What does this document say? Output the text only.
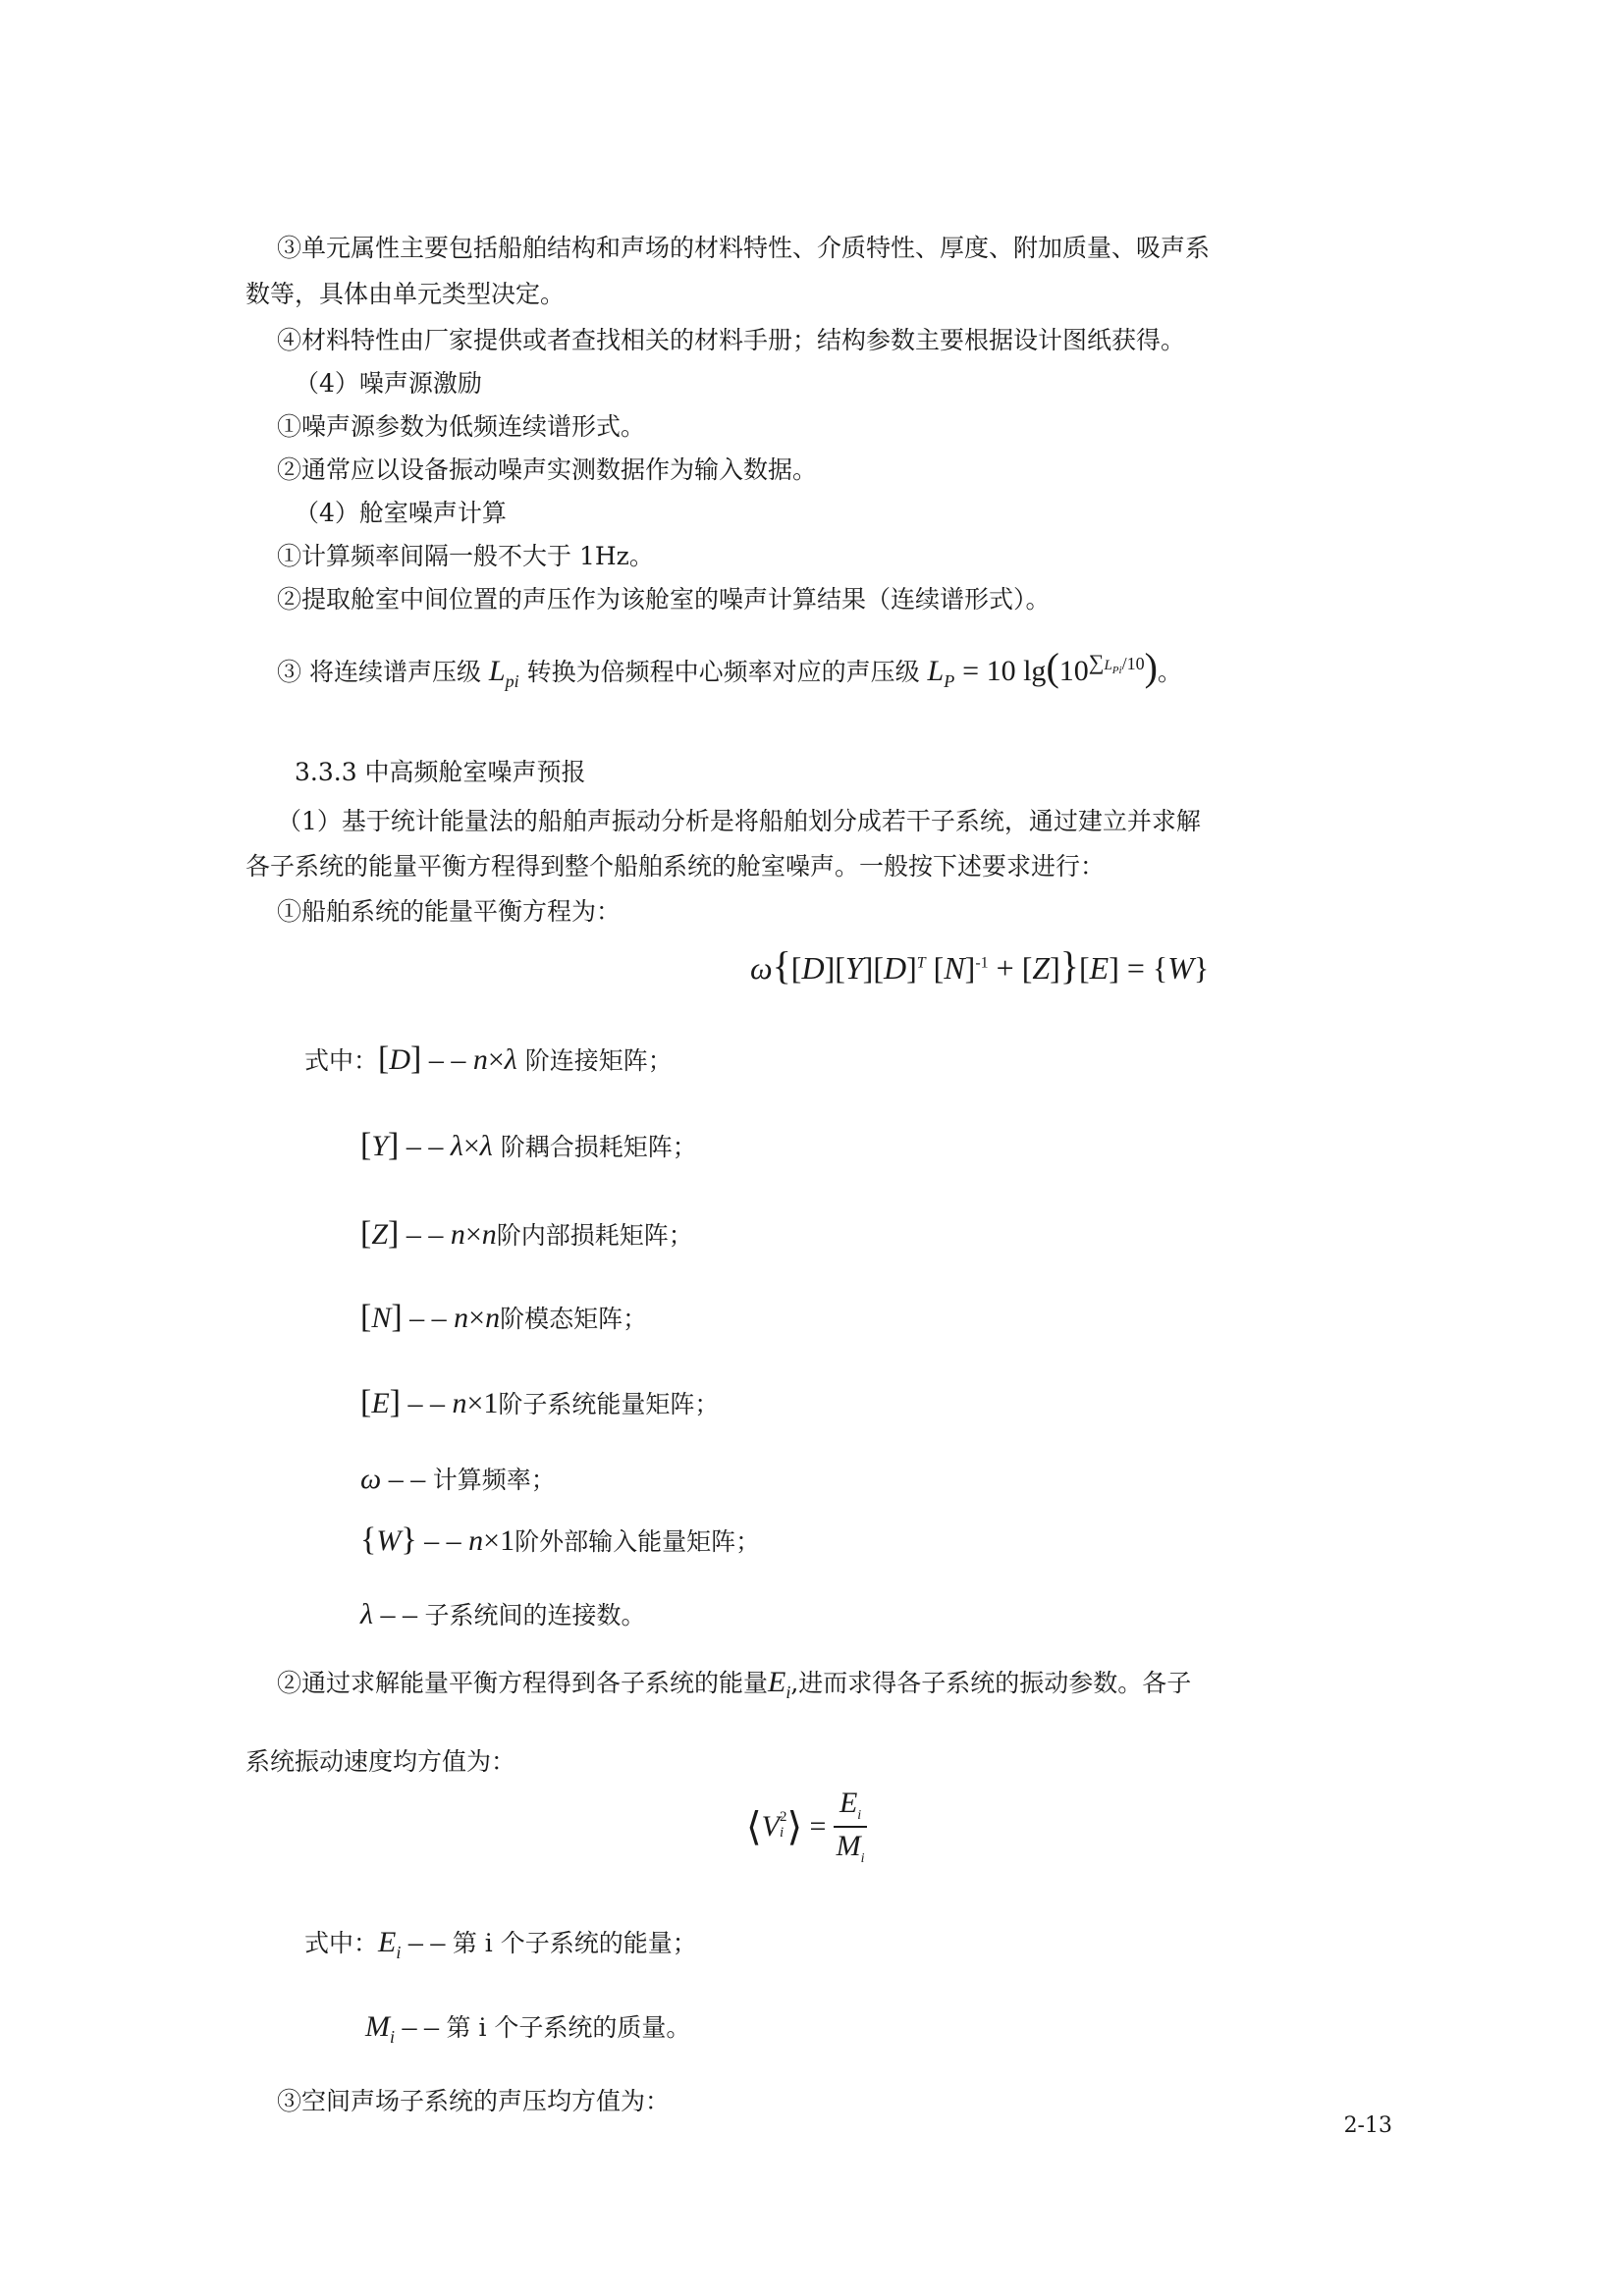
③单元属性主要包括船舶结构和声场的材料特性、介质特性、厚度、附加质量、吸声系
数等，具体由单元类型决定。
④材料特性由厂家提供或者查找相关的材料手册；结构参数主要根据设计图纸获得。
（4）噪声源激励
①噪声源参数为低频连续谱形式。
②通常应以设备振动噪声实测数据作为输入数据。
（4）舱室噪声计算
①计算频率间隔一般不大于 1Hz。
②提取舱室中间位置的声压作为该舱室的噪声计算结果（连续谱形式）。
③ 将连续谱声压级 $L_{pi}$ 转换为倍频程中心频率对应的声压级 $L_P = 10$ $\lg(10^{\sum L_{Pi}/10})$。
3.3.3 中高频舱室噪声预报
（1）基于统计能量法的船舶声振动分析是将船舶划分成若干子系统，通过建立并求解
各子系统的能量平衡方程得到整个船舶系统的舱室噪声。一般按下述要求进行：
①船舶系统的能量平衡方程为：
$\omega\{[D][Y][D]^T$ $[N]^{-1} + [Z]\}[E] = \{W\}$
式中：[D] – – n×λ 阶连接矩阵；
[Y] – – λ×λ 阶耦合损耗矩阵；
[Z] – – n×n阶内部损耗矩阵；
[N] – – n×n阶模态矩阵；
[E] – – n×1阶子系统能量矩阵；
ω – – 计算频率；
{W} – – n×1阶外部输入能量矩阵；
λ – – 子系统间的连接数。
②通过求解能量平衡方程得到各子系统的能量$E_i$,进而求得各子系统的振动参数。各子
系统振动速度均方值为：
⟨V2
i⟩ = $\frac{E_i}{M_i}$
式中：$E_i$ – – 第 i 个子系统的能量；
$M_i$ – – 第 i 个子系统的质量。
③空间声场子系统的声压均方值为：
2-13
